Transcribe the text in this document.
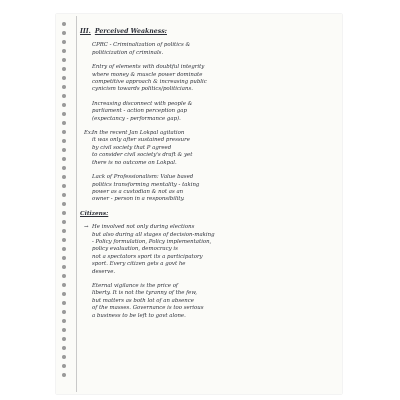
III. Perceived Weakness:
CPRC - Criminalization of politics &
politicization of criminals.
Entry of elements with doubtful integrity
where money & muscle power dominate
competitive approach & increasing public
cynicism towards politics/politicians.
Increasing disconnect with people &
parliament - action perception gap
(expectancy - performance gap).
Ex: In the recent Jan Lokpal agitation
it was only after sustained pressure
by civil society that P agreed
to consider civil society's draft & yet
there is no outcome on Lokpal.
Lack of Professionalism: Value based
politics transforming mentality - taking
power as a custodian & not as an
owner - person in a responsibility.
Citizens:
→ He involved not only during elections
but also during all stages of decision-making
- Policy formulation, Policy implementation,
policy evaluation, democracy is
not a spectators sport its a participatory
sport. Every citizen gets a govt he
deserve.
Eternal vigilance is the price of
liberty. It is not the tyranny of the few,
but matters as both lot of an absence
of the masses. Governance is too serious
a business to be left to govt alone.
